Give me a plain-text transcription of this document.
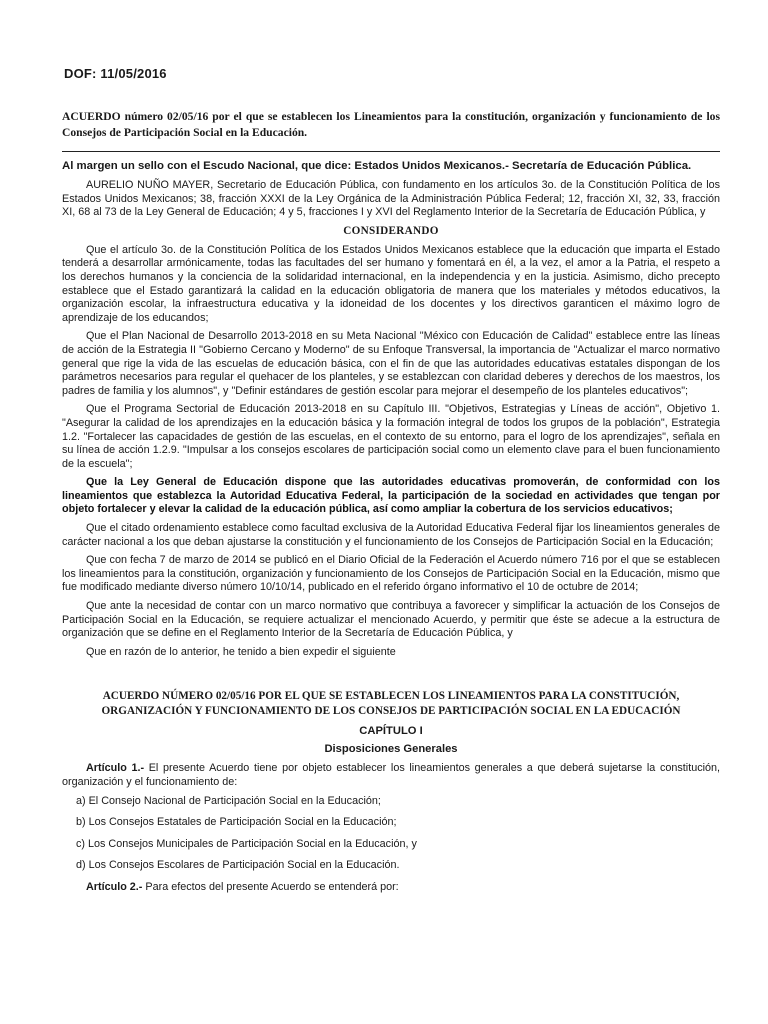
DOF: 11/05/2016
ACUERDO número 02/05/16 por el que se establecen los Lineamientos para la constitución, organización y funcionamiento de los Consejos de Participación Social en la Educación.
Al margen un sello con el Escudo Nacional, que dice: Estados Unidos Mexicanos.- Secretaría de Educación Pública.

AURELIO NUÑO MAYER, Secretario de Educación Pública, con fundamento en los artículos 3o. de la Constitución Política de los Estados Unidos Mexicanos; 38, fracción XXXI de la Ley Orgánica de la Administración Pública Federal; 12, fracción XI, 32, 33, fracción XI, 68 al 73 de la Ley General de Educación; 4 y 5, fracciones I y XVI del Reglamento Interior de la Secretaría de Educación Pública, y

CONSIDERANDO

Que el artículo 3o. de la Constitución Política de los Estados Unidos Mexicanos establece que la educación que imparta el Estado tenderá a desarrollar armónicamente, todas las facultades del ser humano y fomentará en él, a la vez, el amor a la Patria, el respeto a los derechos humanos y la conciencia de la solidaridad internacional, en la independencia y en la justicia. Asimismo, dicho precepto establece que el Estado garantizará la calidad en la educación obligatoria de manera que los materiales y métodos educativos, la organización escolar, la infraestructura educativa y la idoneidad de los docentes y los directivos garanticen el máximo logro de aprendizaje de los educandos;

Que el Plan Nacional de Desarrollo 2013-2018 en su Meta Nacional "México con Educación de Calidad" establece entre las líneas de acción de la Estrategia II "Gobierno Cercano y Moderno" de su Enfoque Transversal, la importancia de "Actualizar el marco normativo general que rige la vida de las escuelas de educación básica, con el fin de que las autoridades educativas estatales dispongan de los parámetros necesarios para regular el quehacer de los planteles, y se establezcan con claridad deberes y derechos de los maestros, los padres de familia y los alumnos", y "Definir estándares de gestión escolar para mejorar el desempeño de los planteles educativos";

Que el Programa Sectorial de Educación 2013-2018 en su Capítulo III. "Objetivos, Estrategias y Líneas de acción", Objetivo 1. "Asegurar la calidad de los aprendizajes en la educación básica y la formación integral de todos los grupos de la población", Estrategia 1.2. "Fortalecer las capacidades de gestión de las escuelas, en el contexto de su entorno, para el logro de los aprendizajes", señala en su línea de acción 1.2.9. "Impulsar a los consejos escolares de participación social como un elemento clave para el buen funcionamiento de la escuela";

Que la Ley General de Educación dispone que las autoridades educativas promoverán, de conformidad con los lineamientos que establezca la Autoridad Educativa Federal, la participación de la sociedad en actividades que tengan por objeto fortalecer y elevar la calidad de la educación pública, así como ampliar la cobertura de los servicios educativos;

Que el citado ordenamiento establece como facultad exclusiva de la Autoridad Educativa Federal fijar los lineamientos generales de carácter nacional a los que deban ajustarse la constitución y el funcionamiento de los Consejos de Participación Social en la Educación;

Que con fecha 7 de marzo de 2014 se publicó en el Diario Oficial de la Federación el Acuerdo número 716 por el que se establecen los lineamientos para la constitución, organización y funcionamiento de los Consejos de Participación Social en la Educación, mismo que fue modificado mediante diverso número 10/10/14, publicado en el referido órgano informativo el 10 de octubre de 2014;

Que ante la necesidad de contar con un marco normativo que contribuya a favorecer y simplificar la actuación de los Consejos de Participación Social en la Educación, se requiere actualizar el mencionado Acuerdo, y permitir que éste se adecue a la estructura de organización que se define en el Reglamento Interior de la Secretaría de Educación Pública, y

Que en razón de lo anterior, he tenido a bien expedir el siguiente

ACUERDO NÚMERO 02/05/16 POR EL QUE SE ESTABLECEN LOS LINEAMIENTOS PARA LA CONSTITUCIÓN, ORGANIZACIÓN Y FUNCIONAMIENTO DE LOS CONSEJOS DE PARTICIPACIÓN SOCIAL EN LA EDUCACIÓN
CAPÍTULO I
Disposiciones Generales

Artículo 1.- El presente Acuerdo tiene por objeto establecer los lineamientos generales a que deberá sujetarse la constitución, organización y el funcionamiento de:

a) El Consejo Nacional de Participación Social en la Educación;
b) Los Consejos Estatales de Participación Social en la Educación;
c) Los Consejos Municipales de Participación Social en la Educación, y
d) Los Consejos Escolares de Participación Social en la Educación.

Artículo 2.- Para efectos del presente Acuerdo se entenderá por:
